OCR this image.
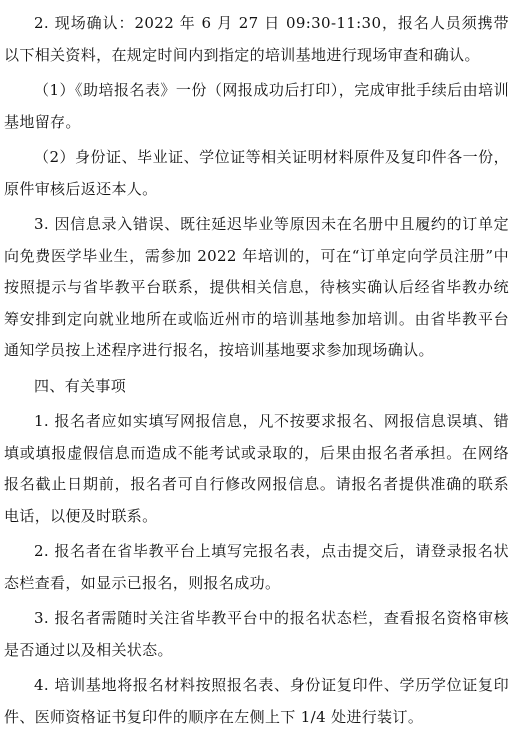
2. 现场确认：2022 年 6 月 27 日 09:30-11:30，报名人员须携带以下相关资料，在规定时间内到指定的培训基地进行现场审查和确认。

（1）《助培报名表》一份（网报成功后打印），完成审批手续后由培训基地留存。

（2）身份证、毕业证、学位证等相关证明材料原件及复印件各一份，原件审核后返还本人。

3. 因信息录入错误、既往延迟毕业等原因未在名册中且履约的订单定向免费医学毕业生，需参加 2022 年培训的，可在“订单定向学员注册”中按照提示与省毕教平台联系，提供相关信息，待核实确认后经省毕教办统筹安排到定向就业地所在或临近州市的培训基地参加培训。由省毕教平台通知学员按上述程序进行报名，按培训基地要求参加现场确认。

四、有关事项

1. 报名者应如实填写网报信息，凡不按要求报名、网报信息误填、错填或填报虚假信息而造成不能考试或录取的，后果由报名者承担。在网络报名截止日期前，报名者可自行修改网报信息。请报名者提供准确的联系电话，以便及时联系。

2. 报名者在省毕教平台上填写完报名表，点击提交后，请登录报名状态栏查看，如显示已报名，则报名成功。

3. 报名者需随时关注省毕教平台中的报名状态栏，查看报名资格审核是否通过以及相关状态。

4. 培训基地将报名材料按照报名表、身份证复印件、学历学位证复印件、医师资格证书复印件的顺序在左侧上下 1/4 处进行装订。
